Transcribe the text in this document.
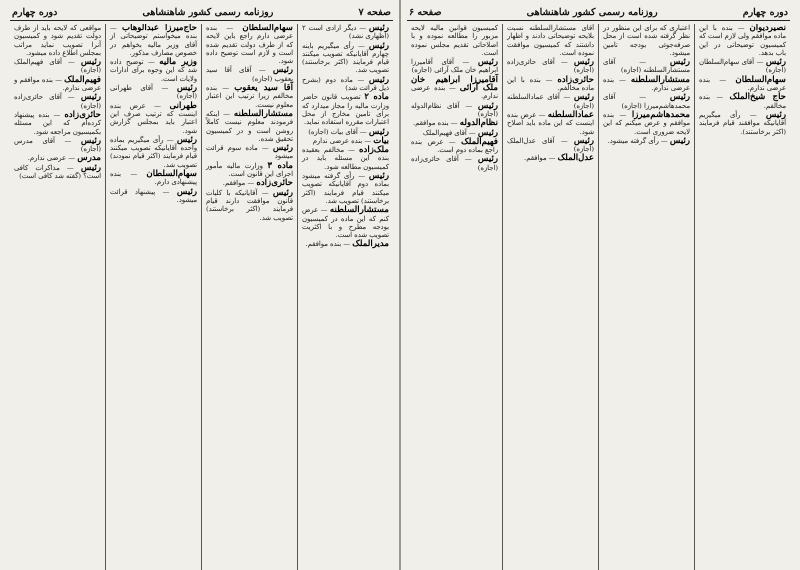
صفحه ۷
روزنامه رسمی کشور شاهنشاهی
دوره چهارم
رئیس — دیگر ارادی است ۲ (اظهاری نشد)
رئیس — رأی میگیریم باینه چهارم آقایانیکه تصویب میکنند قیام فرمایند (اکثر برخاستند) تصویب شد.
رئیس — ماده دوم (بشرح ذیل قرائت شد)
ماده ۲ تصویب قانون حاضر وزارت مالیه را مجاز میدارد که برای تامین مخارج از محل اعتبارات مقرره استفاده نماید.
رئیس — آقای بیات (اجازه)
بیات — بنده عرضی ندارم
ملک‌زاده — مخالفم بعقیده بنده این مسئله باید در کمیسیون مطالعه شود.
رئیس — رأی گرفته میشود بماده دوم آقایانیکه تصویب میکنند قیام فرمایند (اکثر برخاستند) تصویب شد.
مستشارالسلطنه — عرض کنم که این ماده در کمیسیون بودجه مطرح و با اکثریت تصویب شده است.
مدیرالملک — بنده موافقم.
سهام‌السلطان — بنده عرضی دارم راجع باین لایحه که از طرف دولت تقدیم شده است و لازم است توضیح داده شود.
رئیس — آقای آقا سید یعقوب (اجازه)
آقا سید یعقوب — بنده مخالفم زیرا ترتیب این اعتبار معلوم نیست.
مستشارالسلطنه — اینکه فرمودند معلوم نیست کاملاً روشن است و در کمیسیون تحقیق شده.
رئیس — ماده سوم قرائت میشود
ماده ۳ وزارت مالیه مأمور اجرای این قانون است.
حائری‌زاده — موافقم.
رئیس — آقایانیکه با کلیات قانون موافقت دارند قیام فرمایند (اکثر برخاستند) تصویب شد.
حاج‌میرزا عبدالوهاب — بنده میخواستم توضیحاتی از آقای وزیر مالیه بخواهم در خصوص مصارف مذکور.
وزیر مالیه — توضیح داده شد که این وجوه برای ادارات ولایات است.
رئیس — آقای طهرانی (اجازه)
طهرانی — عرض بنده اینست که ترتیب صرف این اعتبار باید بمجلس گزارش شود.
رئیس — رأی میگیریم بماده واحده آقایانیکه تصویب میکنند قیام فرمایند (اکثر قیام نمودند) تصویب شد.
سهام‌السلطان — بنده پیشنهادی دارم.
رئیس — پیشنهاد قرائت میشود.
مواقعی که لایحه باید از طرف دولت تقدیم شود و کمیسیون آنرا تصویب نماید مراتب بمجلس اطلاع داده میشود.
رئیس — آقای فهیم‌الملک (اجازه)
فهیم‌الملک — بنده موافقم و عرضی ندارم.
رئیس — آقای حائری‌زاده (اجازه)
حائری‌زاده — بنده پیشنهاد کرده‌ام که این مسئله بکمیسیون مراجعه شود.
رئیس — آقای مدرس (اجازه)
مدرس — عرضی ندارم.
رئیس — مذاکرات کافی است؟ (گفته شد کافی است)
دوره چهارم
روزنامه رسمی کشور شاهنشاهی
صفحه ۶
نصیردیوان — بنده با این ماده موافقم ولی لازم است که کمیسیون توضیحاتی در این باب بدهد.
رئیس — آقای سهام‌السلطان (اجازه)
سهام‌السلطان — بنده عرضی ندارم.
حاج شیخ‌الملک — بنده مخالفم.
رئیس — رأی میگیریم آقایانیکه موافقند قیام فرمایند (اکثر برخاستند).
اعتباری که برای این منظور در نظر گرفته شده است از محل صرفه‌جوئی بودجه تامین میشود.
رئیس — آقای مستشارالسلطنه (اجازه)
مستشارالسلطنه — بنده عرضی ندارم.
رئیس — آقای محمدهاشم‌میرزا (اجازه)
محمدهاشم‌میرزا — بنده موافقم و عرض میکنم که این لایحه ضروری است.
رئیس — رأی گرفته میشود.
آقای مستشارالسلطنه نسبت بلایحه توضیحاتی دادند و اظهار داشتند که کمیسیون موافقت نموده است.
رئیس — آقای حائری‌زاده (اجازه)
حائری‌زاده — بنده با این ماده مخالفم.
رئیس — آقای عمادالسلطنه (اجازه)
عمادالسلطنه — عرض بنده اینست که این ماده باید اصلاح شود.
رئیس — آقای عدل‌الملک (اجازه)
عدل‌الملک — موافقم.
کمیسیون قوانین مالیه لایحه مزبور را مطالعه نموده و با اصلاحاتی تقدیم مجلس نموده است.
رئیس — آقای آقامیرزا ابراهیم خان ملک آرائی (اجازه)
آقامیرزا ابراهیم خان ملک آرائی — بنده عرضی ندارم.
رئیس — آقای نظام‌الدوله (اجازه)
نظام‌الدوله — بنده موافقم.
رئیس — آقای فهیم‌الملک
فهیم‌الملک — عرض بنده راجع بماده دوم است.
رئیس — آقای حائری‌زاده (اجازه)
